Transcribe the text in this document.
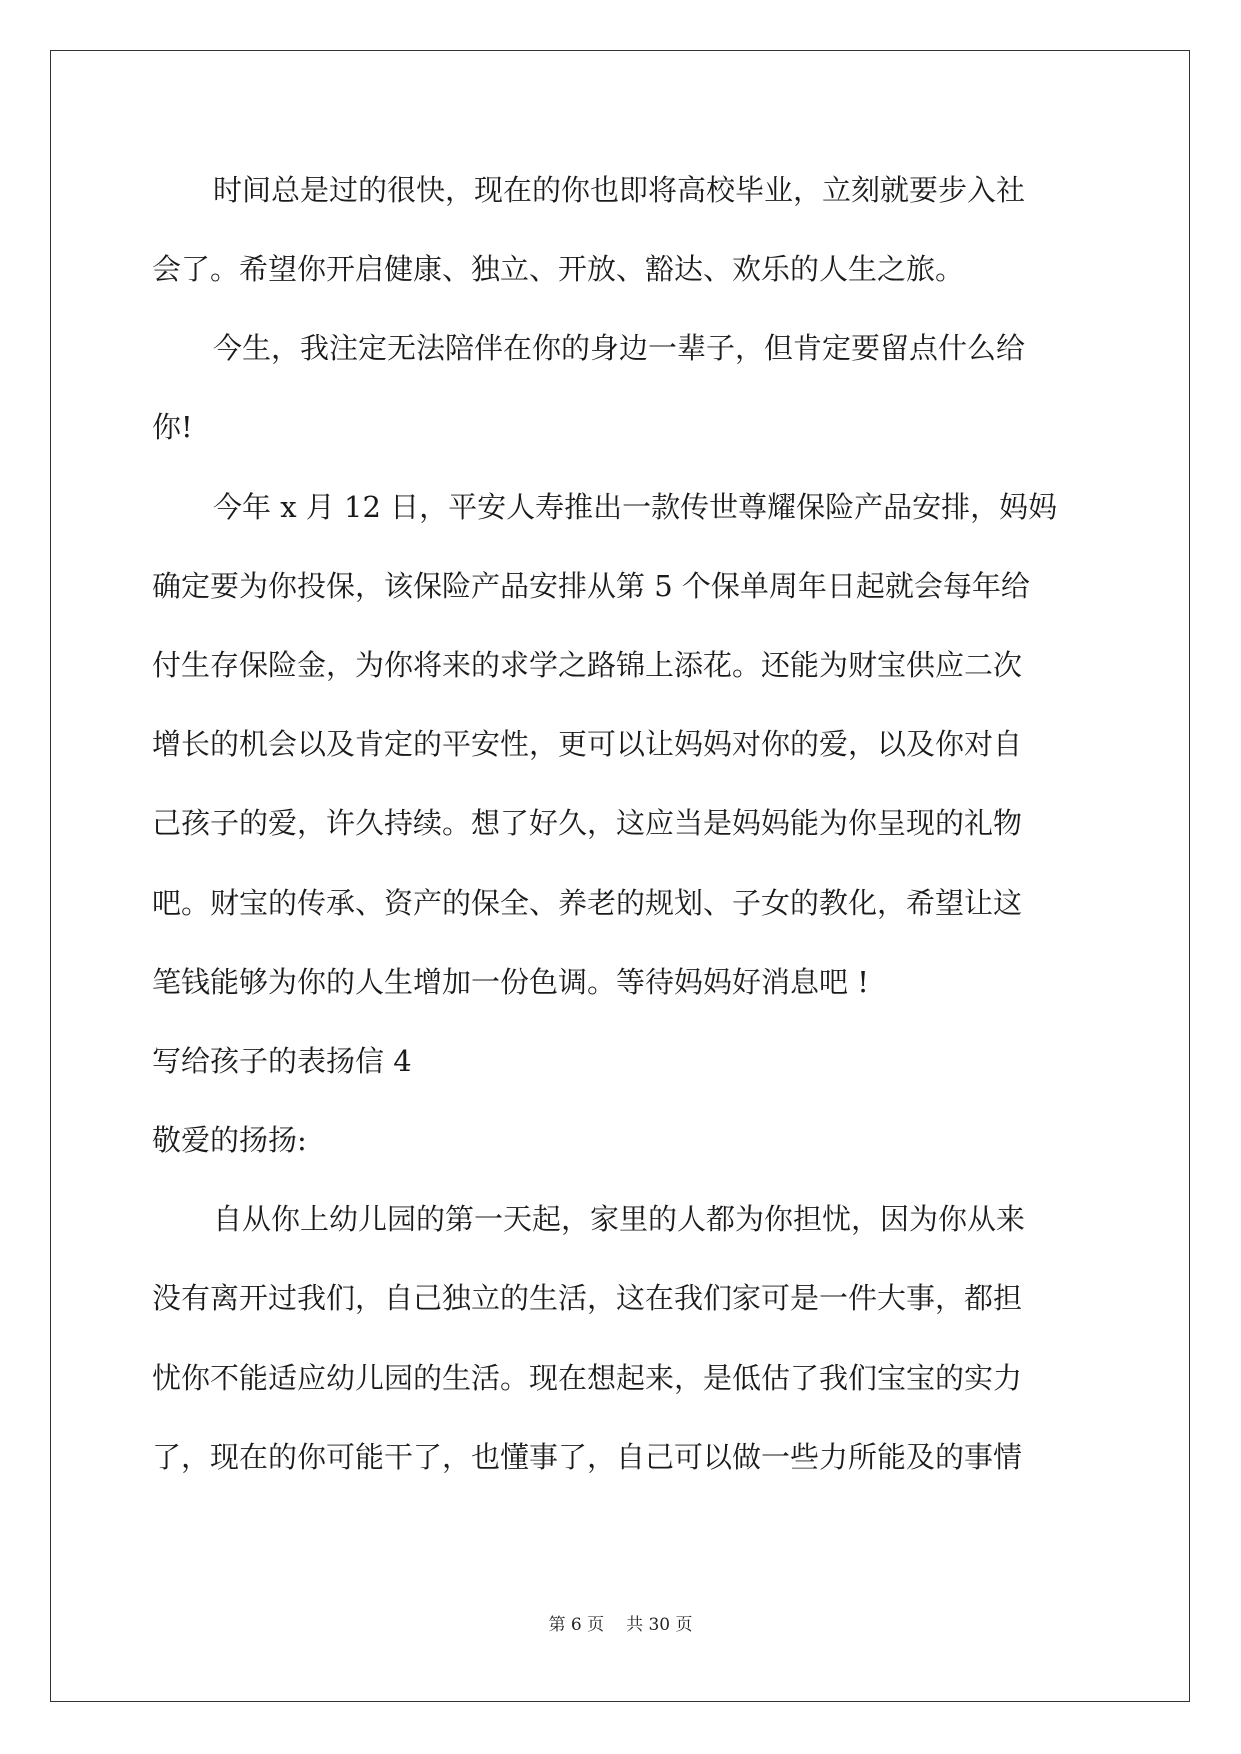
时间总是过的很快，现在的你也即将高校毕业，立刻就要步入社
会了。希望你开启健康、独立、开放、豁达、欢乐的人生之旅。
今生，我注定无法陪伴在你的身边一辈子，但肯定要留点什么给
你!
今年 x 月 12 日，平安人寿推出一款传世尊耀保险产品安排，妈妈
确定要为你投保，该保险产品安排从第 5 个保单周年日起就会每年给
付生存保险金，为你将来的求学之路锦上添花。还能为财宝供应二次
增长的机会以及肯定的平安性，更可以让妈妈对你的爱，以及你对自
己孩子的爱，许久持续。想了好久，这应当是妈妈能为你呈现的礼物
吧。财宝的传承、资产的保全、养老的规划、子女的教化，希望让这
笔钱能够为你的人生增加一份色调。等待妈妈好消息吧 !
写给孩子的表扬信 4
敬爱的扬扬:
自从你上幼儿园的第一天起，家里的人都为你担忧，因为你从来
没有离开过我们，自己独立的生活，这在我们家可是一件大事，都担
忧你不能适应幼儿园的生活。现在想起来，是低估了我们宝宝的实力
了，现在的你可能干了，也懂事了，自己可以做一些力所能及的事情
第 6 页 共 30 页
